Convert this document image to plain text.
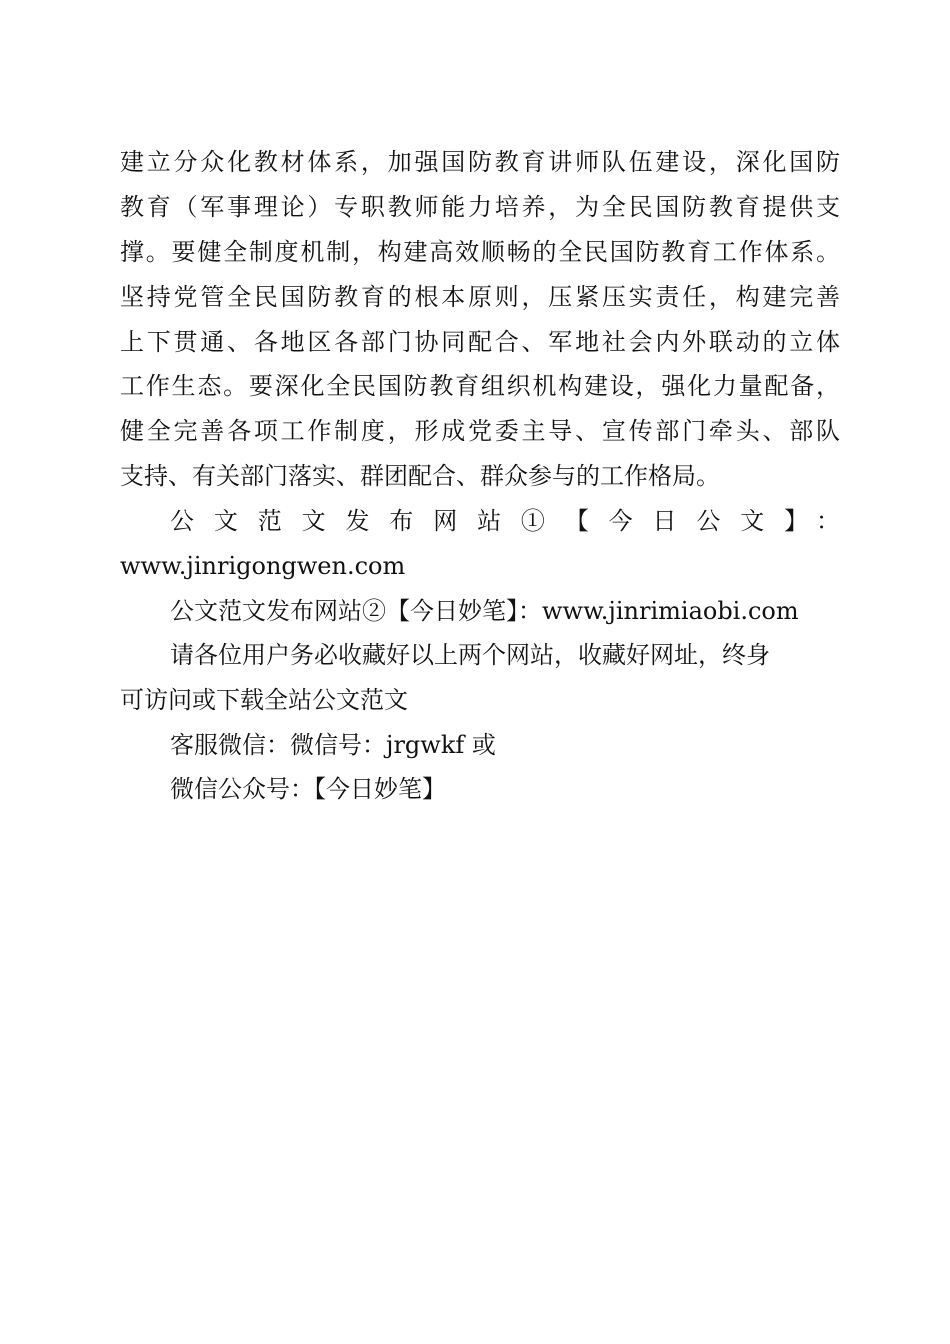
建立分众化教材体系，加强国防教育讲师队伍建设，深化国防
教育（军事理论）专职教师能力培养，为全民国防教育提供支
撑。要健全制度机制，构建高效顺畅的全民国防教育工作体系。
坚持党管全民国防教育的根本原则，压紧压实责任，构建完善
上下贯通、各地区各部门协同配合、军地社会内外联动的立体
工作生态。要深化全民国防教育组织机构建设，强化力量配备，
健全完善各项工作制度，形成党委主导、宣传部门牵头、部队
支持、有关部门落实、群团配合、群众参与的工作格局。
公文范文发布网站①【今日公文】：
www.jinrigongwen.com
公文范文发布网站②【今日妙笔】：www.jinrimiaobi.com
请各位用户务必收藏好以上两个网站，收藏好网址，终身
可访问或下载全站公文范文
客服微信：微信号：jrgwkf 或
微信公众号：【今日妙笔】
